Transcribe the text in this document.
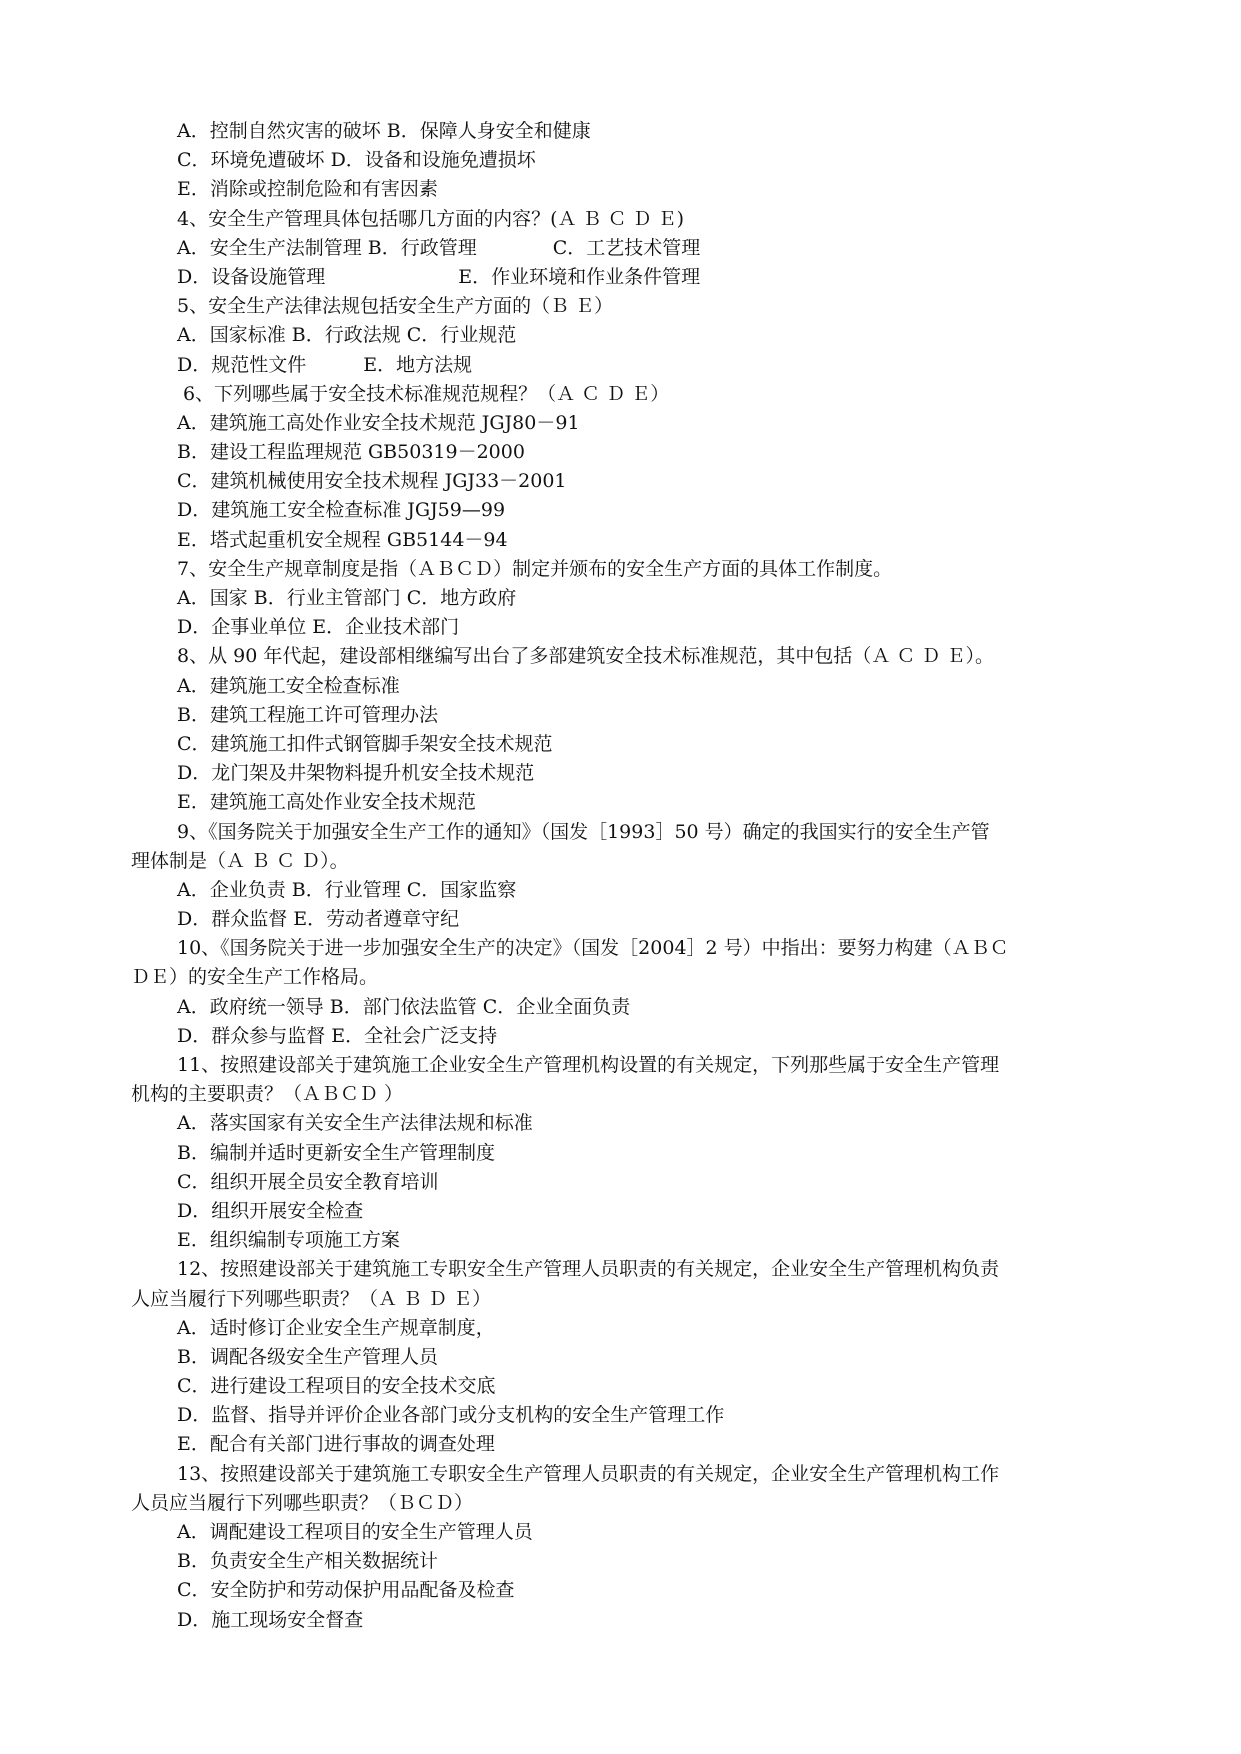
A．控制自然灾害的破坏 B．保障人身安全和健康
C．环境免遭破坏 D．设备和设施免遭损坏
E．消除或控制危险和有害因素
4、安全生产管理具体包括哪几方面的内容？(Ａ Ｂ Ｃ Ｄ Ｅ)
A．安全生产法制管理 B．行政管理　　　　C．工艺技术管理
D．设备设施管理　　　　　　　E．作业环境和作业条件管理
5、安全生产法律法规包括安全生产方面的（Ｂ Ｅ）
A．国家标准 B．行政法规 C．行业规范
D．规范性文件　　　E．地方法规
6、下列哪些属于安全技术标准规范规程？（Ａ Ｃ Ｄ Ｅ）
A．建筑施工高处作业安全技术规范 JGJ80－91
B．建设工程监理规范 GB50319－2000
C．建筑机械使用安全技术规程 JGJ33－2001
D．建筑施工安全检查标准 JGJ59—99
E．塔式起重机安全规程 GB5144－94
7、安全生产规章制度是指（ＡＢＣＤ）制定并颁布的安全生产方面的具体工作制度。
A．国家 B．行业主管部门 C．地方政府
D．企事业单位 E．企业技术部门
8、从 90 年代起，建设部相继编写出台了多部建筑安全技术标准规范，其中包括（Ａ Ｃ Ｄ Ｅ）。
A．建筑施工安全检查标准
B．建筑工程施工许可管理办法
C．建筑施工扣件式钢管脚手架安全技术规范
D．龙门架及井架物料提升机安全技术规范
E．建筑施工高处作业安全技术规范
9、《国务院关于加强安全生产工作的通知》（国发［1993］50 号）确定的我国实行的安全生产管
理体制是（Ａ Ｂ Ｃ Ｄ）。
A．企业负责 B．行业管理 C．国家监察
D．群众监督 E．劳动者遵章守纪
10、《国务院关于进一步加强安全生产的决定》（国发［2004］2 号）中指出：要努力构建（ＡＢＣ
ＤＥ）的安全生产工作格局。
A．政府统一领导 B．部门依法监管 C．企业全面负责
D．群众参与监督 E．全社会广泛支持
11、按照建设部关于建筑施工企业安全生产管理机构设置的有关规定，下列那些属于安全生产管理
机构的主要职责？（ＡＢＣＤ ）
A．落实国家有关安全生产法律法规和标准
B．编制并适时更新安全生产管理制度
C．组织开展全员安全教育培训
D．组织开展安全检查
E．组织编制专项施工方案
12、按照建设部关于建筑施工专职安全生产管理人员职责的有关规定，企业安全生产管理机构负责
人应当履行下列哪些职责？（Ａ Ｂ Ｄ Ｅ）
A．适时修订企业安全生产规章制度，
B．调配各级安全生产管理人员
C．进行建设工程项目的安全技术交底
D．监督、指导并评价企业各部门或分支机构的安全生产管理工作
E．配合有关部门进行事故的调查处理
13、按照建设部关于建筑施工专职安全生产管理人员职责的有关规定，企业安全生产管理机构工作
人员应当履行下列哪些职责？（ＢＣＤ）
A．调配建设工程项目的安全生产管理人员
B．负责安全生产相关数据统计
C．安全防护和劳动保护用品配备及检查
D．施工现场安全督查
